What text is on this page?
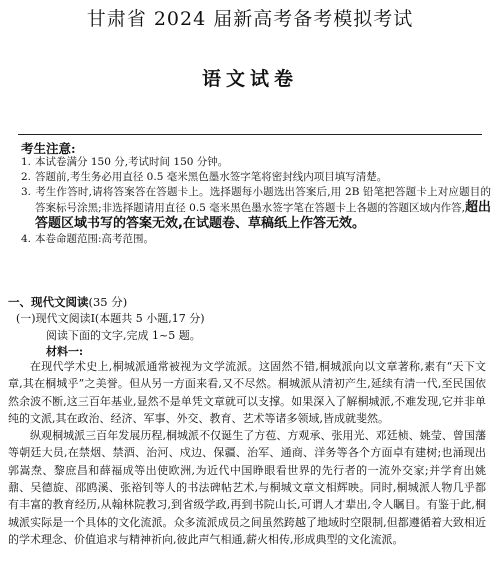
甘肃省 2024 届新高考备考模拟考试
语文试卷
考生注意:
1. 本试卷满分 150 分,考试时间 150 分钟。
2. 答题前,考生务必用直径 0.5 毫米黑色墨水签字笔将密封线内项目填写清楚。
3. 考生作答时,请将答案答在答题卡上。选择题每小题选出答案后,用 2B 铅笔把答题卡上对应题目的答案标号涂黑;非选择题请用直径 0.5 毫米黑色墨水签字笔在答题卡上各题的答题区域内作答,超出答题区域书写的答案无效,在试题卷、草稿纸上作答无效。
4. 本卷命题范围:高考范围。
一、现代文阅读(35 分)
(一)现代文阅读Ⅰ(本题共 5 小题,17 分)
阅读下面的文字,完成 1~5 题。
材料一:

在现代学术史上,桐城派通常被视为文学流派。这固然不错,桐城派向以文章著称,素有“天下文章,其在桐城乎”之美誉。但从另一方面来看,又不尽然。桐城派从清初产生,延续有清一代,至民国依然余波不断,这三百年基业,显然不是单凭文章就可以支撑。如果深入了解桐城派,不难发现,它并非单纯的文派,其在政治、经济、军事、外交、教育、艺术等诸多领域,皆成就斐然。

纵观桐城派三百年发展历程,桐城派不仅诞生了方苞、方观承、张用光、邓廷桢、姚莹、曾国藩等朝廷大员,在禁烟、禁酒、治河、戍边、保疆、治军、通商、洋务等各个方面卓有建树;也涌现出郭嵩焘、黎庶昌和薛福成等出使欧洲,为近代中国睁眼看世界的先行者的一流外交家;并学育出姚鼐、吴德旋、邵鸥溪、张裕钊等人的书法碑帖艺术,与桐城文章文相辉映。同时,桐城派人物几乎都有丰富的教育经历,从翰林院教习,到省级学政,再到书院山长,可谓人才辈出,令人瞩目。有鉴于此,桐城派实际是一个具体的文化流派。众多流派成员之间虽然跨越了地域时空限制,但都遵循着大致相近的学术理念、价值追求与精神祈向,彼此声气相通,薪火相传,形成典型的文化流派。
